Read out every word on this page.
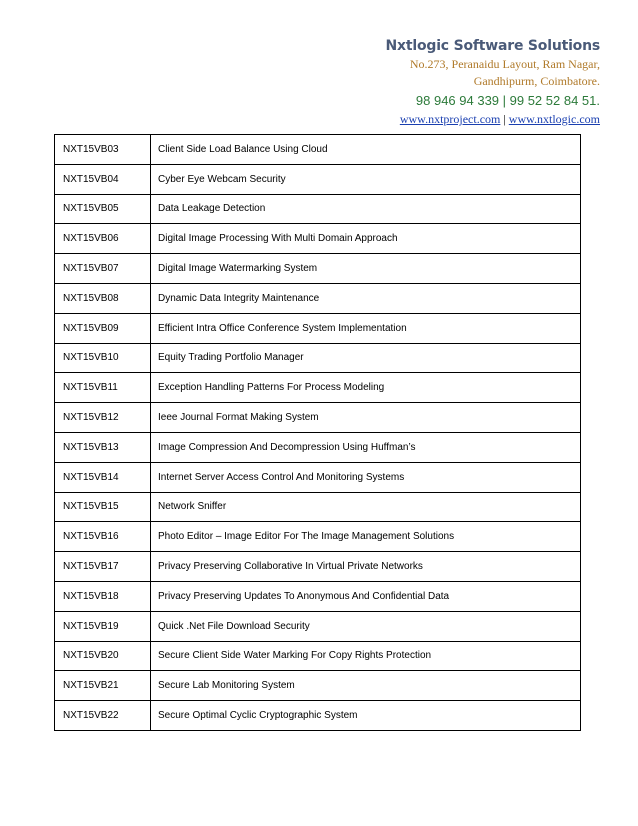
Nxtlogic Software Solutions
No.273, Peranaidu Layout, Ram Nagar,
Gandhipurm, Coimbatore.
98 946 94 339 | 99 52 52 84 51.
www.nxtproject.com | www.nxtlogic.com
NXT15VB03	Client Side Load Balance Using Cloud
NXT15VB04	Cyber Eye Webcam Security
NXT15VB05	Data Leakage Detection
NXT15VB06	Digital Image Processing With Multi Domain Approach
NXT15VB07	Digital Image Watermarking System
NXT15VB08	Dynamic Data Integrity Maintenance
NXT15VB09	Efficient Intra Office Conference System Implementation
NXT15VB10	Equity Trading Portfolio Manager
NXT15VB11	Exception Handling Patterns For Process Modeling
NXT15VB12	Ieee Journal Format Making System
NXT15VB13	Image Compression And Decompression Using Huffman’s
NXT15VB14	Internet Server Access Control And Monitoring Systems
NXT15VB15	Network Sniffer
NXT15VB16	Photo Editor – Image Editor For The Image Management Solutions
NXT15VB17	Privacy Preserving Collaborative In Virtual Private Networks
NXT15VB18	Privacy Preserving Updates To Anonymous And Confidential Data
NXT15VB19	Quick .Net File Download Security
NXT15VB20	Secure Client Side Water Marking For Copy Rights Protection
NXT15VB21	Secure Lab Monitoring System
NXT15VB22	Secure Optimal Cyclic Cryptographic System
